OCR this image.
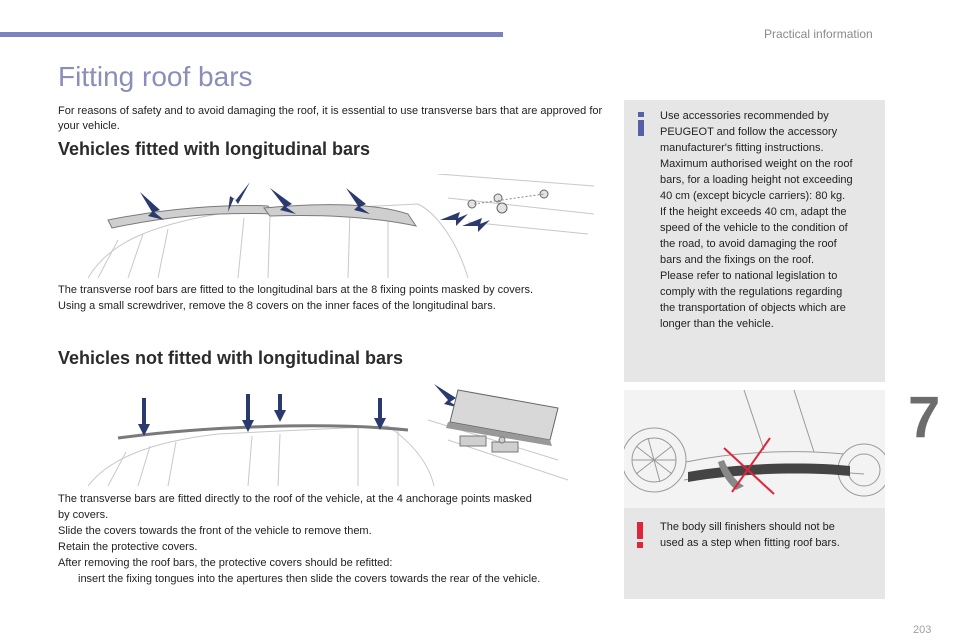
Practical information
7
203
Fitting roof bars

For reasons of safety and to avoid damaging the roof, it is essential to use transverse bars that are approved for your vehicle.

Vehicles fitted with longitudinal bars

The transverse roof bars are fitted to the longitudinal bars at the 8 fixing points masked by covers.
Using a small screwdriver, remove the 8 covers on the inner faces of the longitudinal bars.

Vehicles not fitted with longitudinal bars

The transverse bars are fitted directly to the roof of the vehicle, at the 4 anchorage points masked
by covers.
Slide the covers towards the front of the vehicle to remove them.
Retain the protective covers.
After removing the roof bars, the protective covers should be refitted:
insert the fixing tongues into the apertures then slide the covers towards the rear of the vehicle.

Use accessories recommended by
PEUGEOT and follow the accessory
manufacturer's fitting instructions.
Maximum authorised weight on the roof
bars, for a loading height not exceeding
40 cm (except bicycle carriers): 80 kg.
If the height exceeds 40 cm, adapt the
speed of the vehicle to the condition of
the road, to avoid damaging the roof
bars and the fixings on the roof.
Please refer to national legislation to
comply with the regulations regarding
the transportation of objects which are
longer than the vehicle.

The body sill finishers should not be
used as a step when fitting roof bars.
